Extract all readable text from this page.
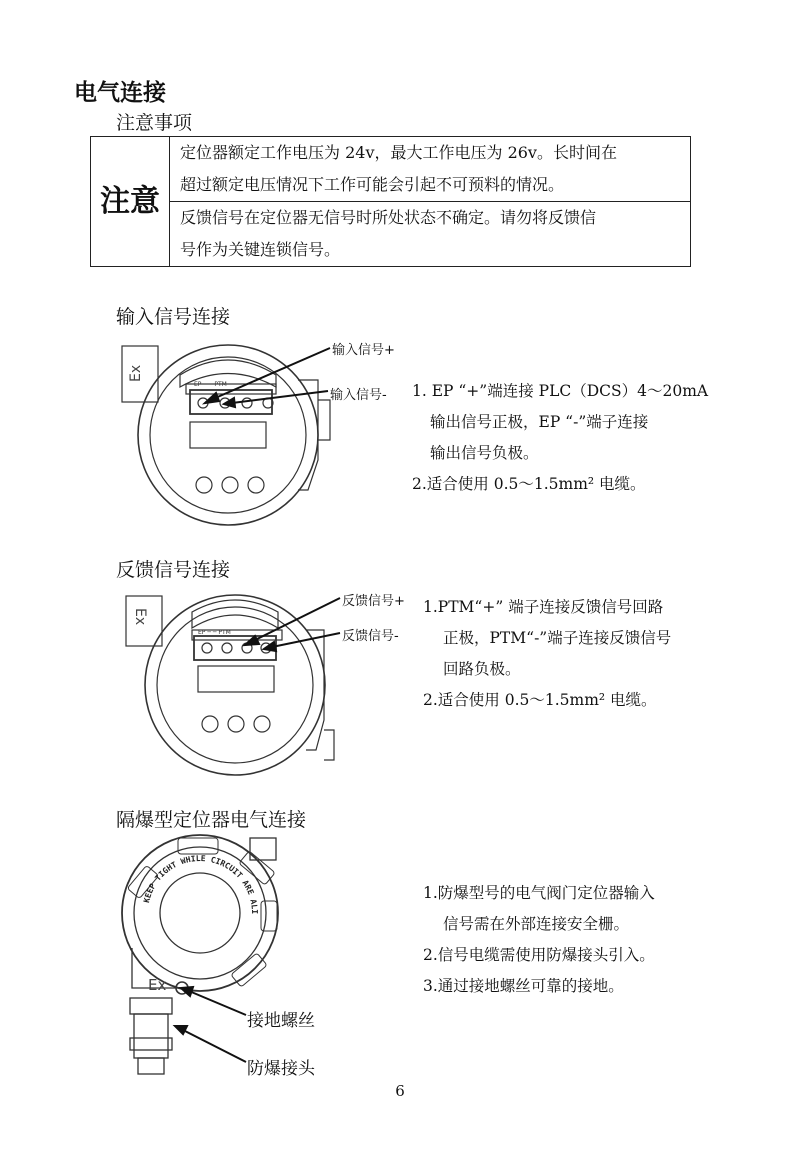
电气连接
注意事项
注意	
定位器额定工作电压为 24v，最大工作电压为 26v。长时间在
超过额定电压情况下工作可能会引起不可预料的情况。

反馈信号在定位器无信号时所处状态不确定。请勿将反馈信
号作为关键连锁信号。
输入信号连接
Ex
EP ─ ─ PTM
输入信号+
输入信号- 1. EP “+”端连接 PLC（DCS）4～20mA
输出信号正极，EP “-”端子连接
输出信号负极。
2.适合使用 0.5～1.5mm² 电缆。
反馈信号连接
Ex
EP ─ ─ PTM
反馈信号+
反馈信号-
1.PTM“+” 端子连接反馈信号回路
正极，PTM“-”端子连接反馈信号
回路负极。
2.适合使用 0.5～1.5mm² 电缆。
隔爆型定位器电气连接
KEEP TIGHT WHILE CIRCUIT ARE ALIVE
Ex
接地螺丝
防爆接头
1.防爆型号的电气阀门定位器输入
信号需在外部连接安全栅。
2.信号电缆需使用防爆接头引入。
3.通过接地螺丝可靠的接地。
6
